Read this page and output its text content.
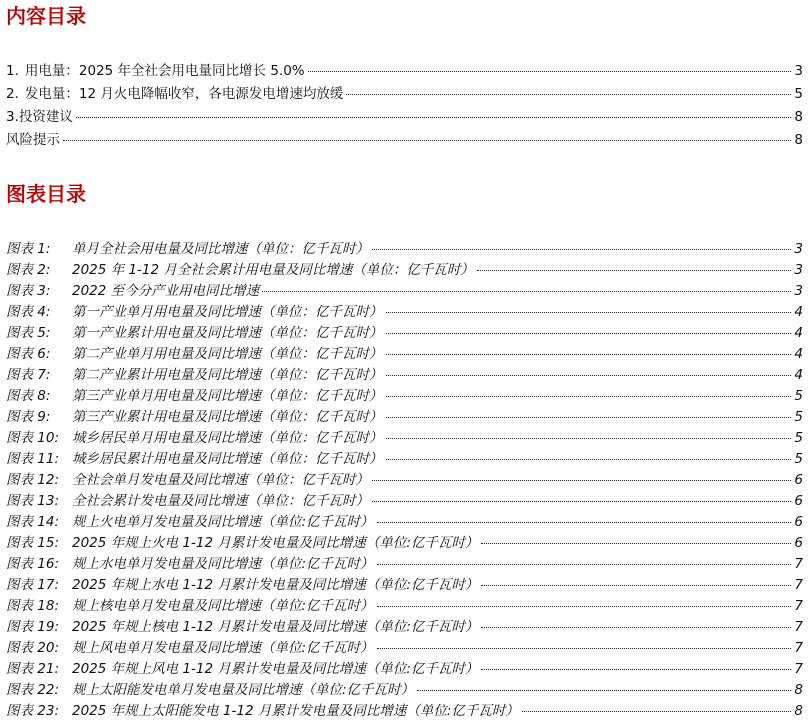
内容目录
1. 用电量：2025 年全社会用电量同比增长 5.0%	3
2. 发电量：12 月火电降幅收窄，各电源发电增速均放缓	5
3. 投资建议	8
风险提示	8
图表目录
图表 1:	单月全社会用电量及同比增速（单位：亿千瓦时）	3
图表 2:	2025 年 1-12 月全社会累计用电量及同比增速（单位：亿千瓦时）	3
图表 3:	2022 至今分产业用电同比增速	3
图表 4:	第一产业单月用电量及同比增速（单位：亿千瓦时）	4
图表 5:	第一产业累计用电量及同比增速（单位：亿千瓦时）	4
图表 6:	第二产业单月用电量及同比增速（单位：亿千瓦时）	4
图表 7:	第二产业累计用电量及同比增速（单位：亿千瓦时）	4
图表 8:	第三产业单月用电量及同比增速（单位：亿千瓦时）	5
图表 9:	第三产业累计用电量及同比增速（单位：亿千瓦时）	5
图表 10: 城乡居民单月用电量及同比增速（单位：亿千瓦时）	5
图表 11: 城乡居民累计用电量及同比增速（单位：亿千瓦时）	5
图表 12: 全社会单月发电量及同比增速（单位：亿千瓦时）	6
图表 13: 全社会累计发电量及同比增速（单位：亿千瓦时）	6
图表 14: 规上火电单月发电量及同比增速（单位:亿千瓦时）	6
图表 15: 2025 年规上火电 1-12 月累计发电量及同比增速（单位:亿千瓦时）	6
图表 16: 规上水电单月发电量及同比增速（单位:亿千瓦时）	7
图表 17: 2025 年规上水电 1-12 月累计发电量及同比增速（单位:亿千瓦时）	7
图表 18: 规上核电单月发电量及同比增速（单位:亿千瓦时）	7
图表 19: 2025 年规上核电 1-12 月累计发电量及同比增速（单位:亿千瓦时）	7
图表 20: 规上风电单月发电量及同比增速（单位:亿千瓦时）	7
图表 21: 2025 年规上风电 1-12 月累计发电量及同比增速（单位:亿千瓦时）	7
图表 22: 规上太阳能发电单月发电量及同比增速（单位:亿千瓦时）	8
图表 23: 2025 年规上太阳能发电 1-12 月累计发电量及同比增速（单位:亿千瓦时）	8
